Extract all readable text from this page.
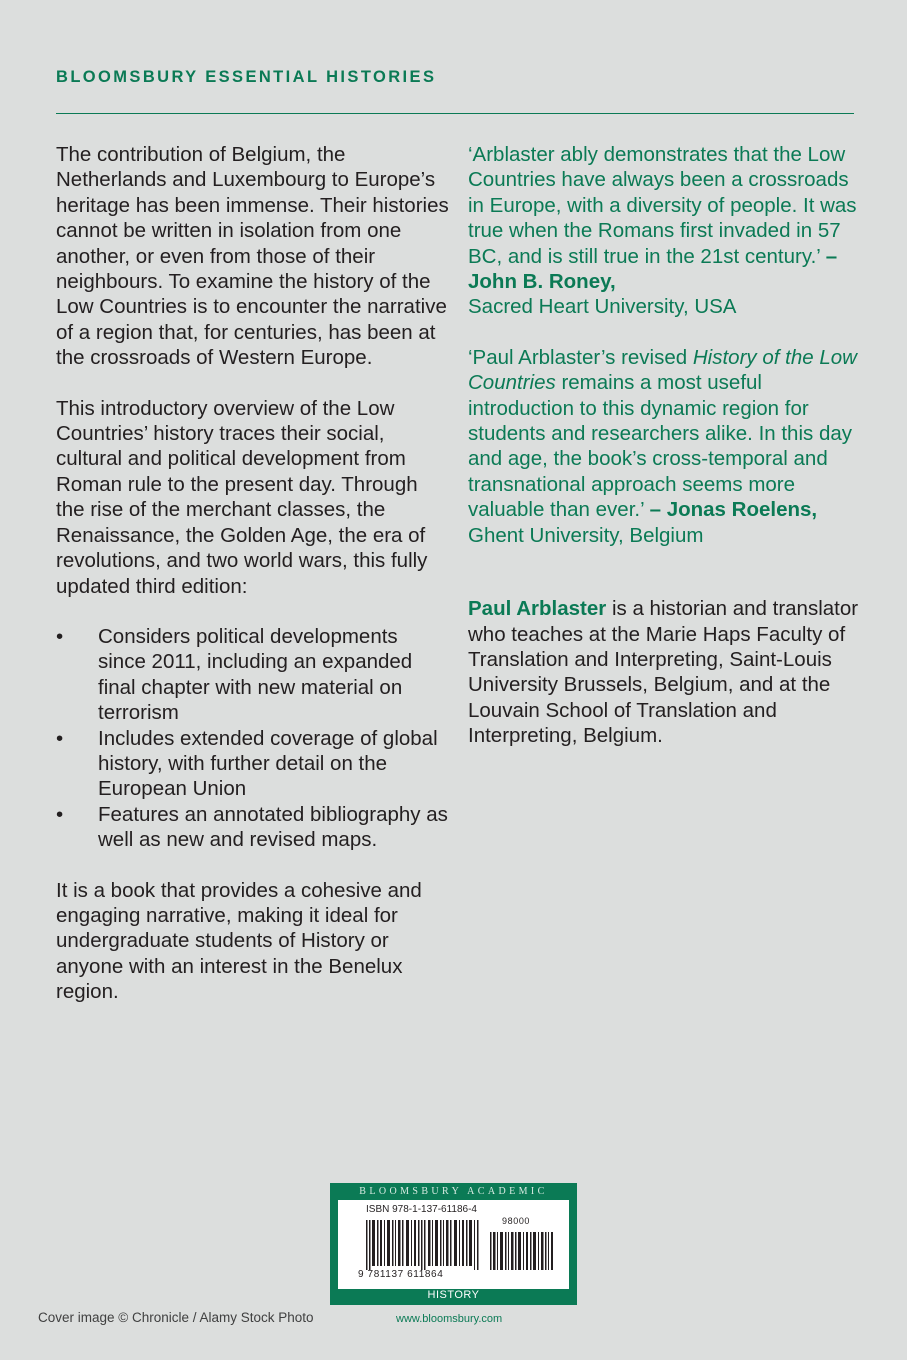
BLOOMSBURY ESSENTIAL HISTORIES

The contribution of Belgium, the Netherlands and Luxembourg to Europe’s heritage has been immense. Their histories cannot be written in isolation from one another, or even from those of their neighbours. To examine the history of the Low Countries is to encounter the narrative of a region that, for centuries, has been at the crossroads of Western Europe.

This introductory overview of the Low Countries’ history traces their social, cultural and political development from Roman rule to the present day. Through the rise of the merchant classes, the Renaissance, the Golden Age, the era of revolutions, and two world wars, this fully updated third edition:

• Considers political developments since 2011, including an expanded final chapter with new material on terrorism
• Includes extended coverage of global history, with further detail on the European Union
• Features an annotated bibliography as well as new and revised maps.

It is a book that provides a cohesive and engaging narrative, making it ideal for undergraduate students of History or anyone with an interest in the Benelux region.

‘Arblaster ably demonstrates that the Low Countries have always been a crossroads in Europe, with a diversity of people. It was true when the Romans first invaded in 57 BC, and is still true in the 21st century.’ – John B. Roney,
Sacred Heart University, USA

‘Paul Arblaster’s revised History of the Low Countries remains a most useful introduction to this dynamic region for students and researchers alike. In this day and age, the book’s cross-temporal and transnational approach seems more valuable than ever.’ – Jonas Roelens,
Ghent University, Belgium

Paul Arblaster is a historian and translator who teaches at the Marie Haps Faculty of Translation and Interpreting, Saint-Louis University Brussels, Belgium, and at the Louvain School of Translation and Interpreting, Belgium.

BLOOMSBURY ACADEMIC
ISBN 978-1-137-61186-4
98000
9 781137 611864
HISTORY
Cover image © Chronicle / Alamy Stock Photo	www.bloomsbury.com
